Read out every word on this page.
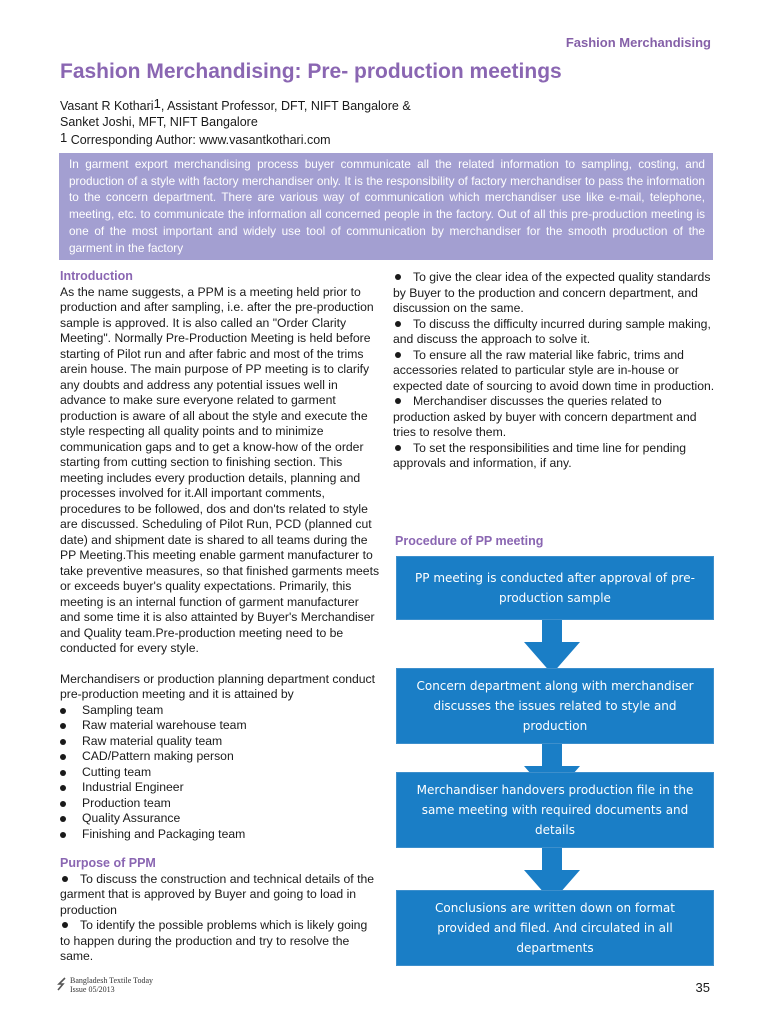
Fashion Merchandising
Fashion Merchandising: Pre- production meetings
Vasant R Kothari$^1$, Assistant Professor, DFT, NIFT Bangalore &
Sanket Joshi, MFT, NIFT Bangalore
$^1$ Corresponding Author: www.vasantkothari.com
In garment export merchandising process buyer communicate all the related information to sampling, costing, and production of a style with factory merchandiser only. It is the responsibility of factory merchandiser to pass the information to the concern department. There are various way of communication which merchandiser use like e-mail, telephone, meeting, etc. to communicate the information all concerned people in the factory. Out of all this pre-production meeting is one of the most important and widely use tool of communication by merchandiser for the smooth production of the garment in the factory
Introduction

As the name suggests, a PPM is a meeting held prior to production and after sampling, i.e. after the pre-production sample is approved. It is also called an "Order Clarity Meeting". Normally Pre-Production Meeting is held before starting of Pilot run and after fabric and most of the trims arein house. The main purpose of PP meeting is to clarify any doubts and address any potential issues well in advance to make sure everyone related to garment production is aware of all about the style and execute the style respecting all quality points and to minimize communication gaps and to get a know-how of the order starting from cutting section to finishing section. This meeting includes every production details, planning and processes involved for it.All important comments, procedures to be followed, dos and don'ts related to style are discussed. Scheduling of Pilot Run, PCD (planned cut date) and shipment date is shared to all teams during the PP Meeting.This meeting enable garment manufacturer to take preventive measures, so that finished garments meets or exceeds buyer's quality expectations. Primarily, this meeting is an internal function of garment manufacturer and some time it is also attainted by Buyer's Merchandiser and Quality team.Pre-production meeting need to be conducted for every style.

Merchandisers or production planning department conduct pre-production meeting and it is attained by

Sampling team
Raw material warehouse team
Raw material quality team
CAD/Pattern making person
Cutting team
Industrial Engineer
Production team
Quality Assurance
Finishing and Packaging team
Purpose of PPM

To discuss the construction and technical details of the garment that is approved by Buyer and going to load in production

To identify the possible problems which is likely going to happen during the production and try to resolve the same.

To give the clear idea of the expected quality standards by Buyer to the production and concern department, and discussion on the same.

To discuss the difficulty incurred during sample making, and discuss the approach to solve it.

To ensure all the raw material like fabric, trims and accessories related to particular style are in-house or expected date of sourcing to avoid down time in production.

Merchandiser discusses the queries related to production asked by buyer with concern department and tries to resolve them.

To set the responsibilities and time line for pending approvals and information, if any.

Procedure of PP meeting
PP meeting is conducted after approval of pre-production sample
Concern department along with merchandiser discusses the issues related to style and production
Merchandiser handovers production file in the same meeting with required documents and details
Conclusions are written down on format provided and filed. And circulated in all departments
Bangladesh Textile Today
Issue 05/2013	35
